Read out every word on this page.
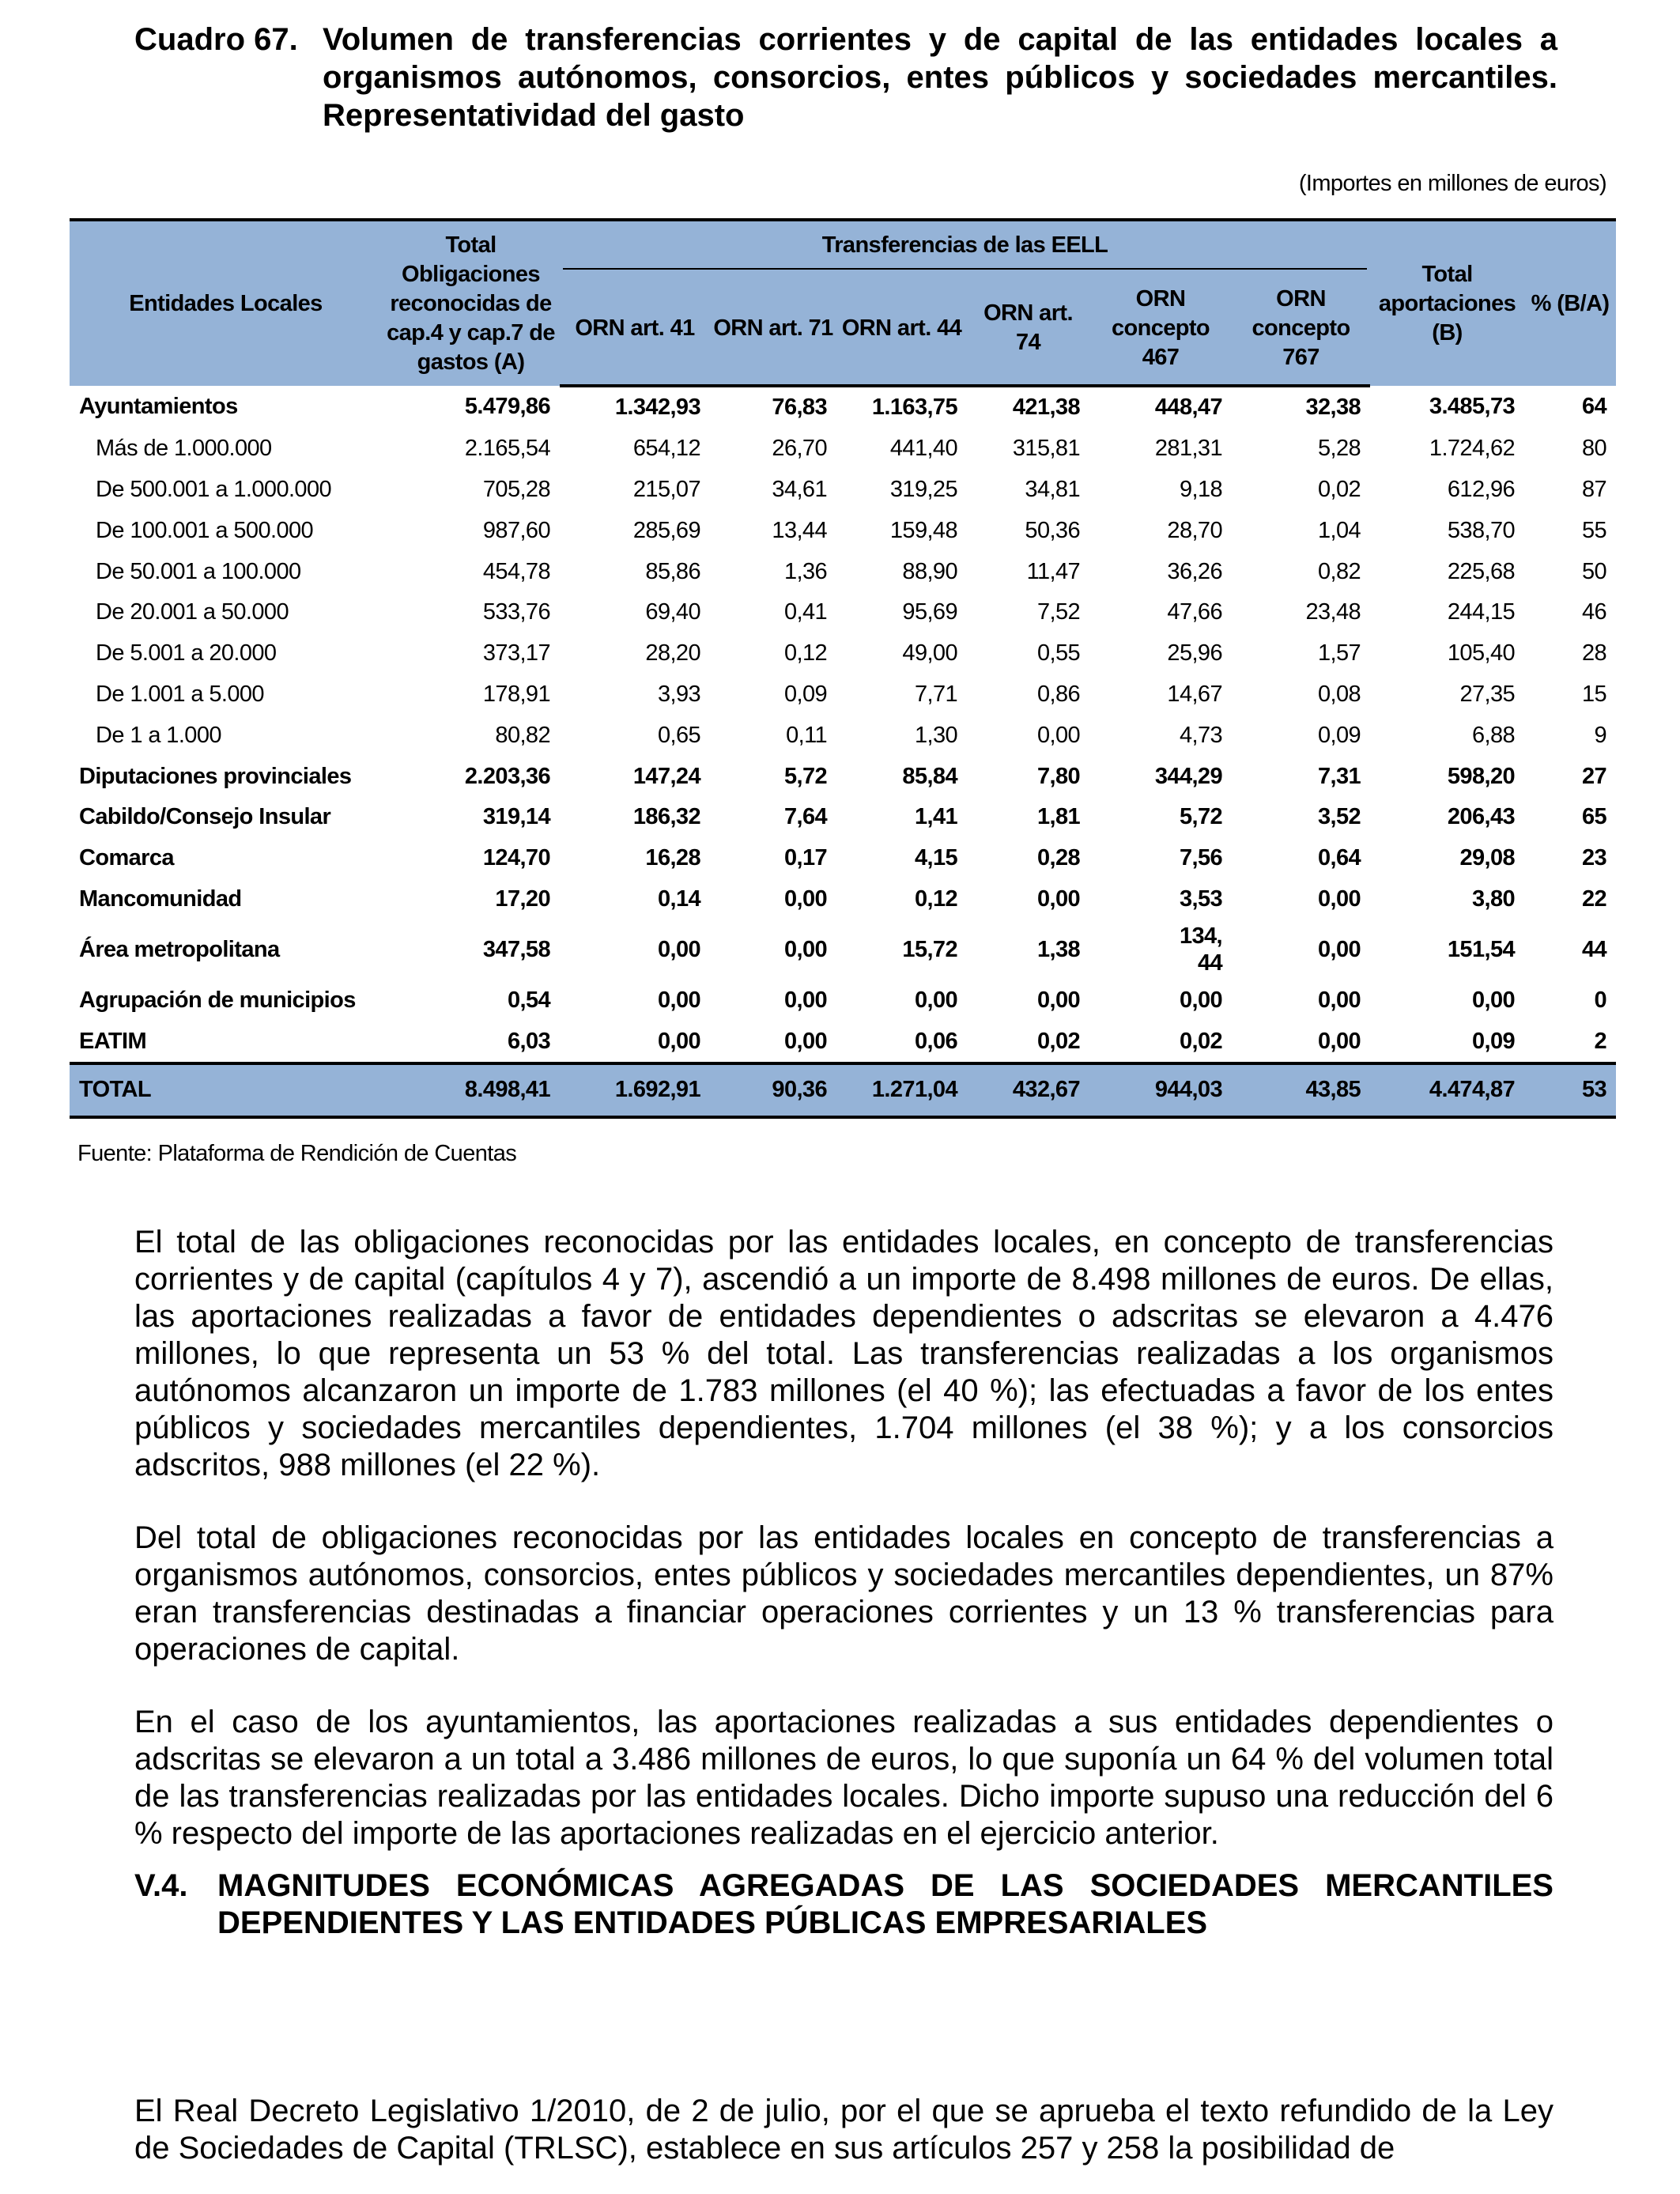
Cuadro 67. Volumen de transferencias corrientes y de capital de las entidades locales a organismos autónomos, consorcios, entes públicos y sociedades mercantiles. Representatividad del gasto
(Importes en millones de euros)
Entidades Locales	Total Obligaciones reconocidas de cap.4 y cap.7 de gastos (A)	Transferencias de las EELL						Total aportaciones (B)	% (B/A)
		ORN art. 41	ORN art. 71	ORN art. 44	ORN art. 74	ORN concepto 467	ORN concepto 767		
Ayuntamientos	5.479,86	1.342,93	76,83	1.163,75	421,38	448,47	32,38	3.485,73	64
Más de 1.000.000	2.165,54	654,12	26,70	441,40	315,81	281,31	5,28	1.724,62	80
De 500.001 a 1.000.000	705,28	215,07	34,61	319,25	34,81	9,18	0,02	612,96	87
De 100.001 a 500.000	987,60	285,69	13,44	159,48	50,36	28,70	1,04	538,70	55
De 50.001 a 100.000	454,78	85,86	1,36	88,90	11,47	36,26	0,82	225,68	50
De 20.001 a 50.000	533,76	69,40	0,41	95,69	7,52	47,66	23,48	244,15	46
De 5.001 a 20.000	373,17	28,20	0,12	49,00	0,55	25,96	1,57	105,40	28
De 1.001 a 5.000	178,91	3,93	0,09	7,71	0,86	14,67	0,08	27,35	15
De 1 a 1.000	80,82	0,65	0,11	1,30	0,00	4,73	0,09	6,88	9
Diputaciones provinciales	2.203,36	147,24	5,72	85,84	7,80	344,29	7,31	598,20	27
Cabildo/Consejo Insular	319,14	186,32	7,64	1,41	1,81	5,72	3,52	206,43	65
Comarca	124,70	16,28	0,17	4,15	0,28	7,56	0,64	29,08	23
Mancomunidad	17,20	0,14	0,00	0,12	0,00	3,53	0,00	3,80	22
Área metropolitana	347,58	0,00	0,00	15,72	1,38	134, 44	0,00	151,54	44
Agrupación de municipios	0,54	0,00	0,00	0,00	0,00	0,00	0,00	0,00	0
EATIM	6,03	0,00	0,00	0,06	0,02	0,02	0,00	0,09	2
TOTAL	8.498,41	1.692,91	90,36	1.271,04	432,67	944,03	43,85	4.474,87	53
Fuente: Plataforma de Rendición de Cuentas
El total de las obligaciones reconocidas por las entidades locales, en concepto de transferencias corrientes y de capital (capítulos 4 y 7), ascendió a un importe de 8.498 millones de euros. De ellas, las aportaciones realizadas a favor de entidades dependientes o adscritas se elevaron a 4.476 millones, lo que representa un 53 % del total. Las transferencias realizadas a los organismos autónomos alcanzaron un importe de 1.783 millones (el 40 %); las efectuadas a favor de los entes públicos y sociedades mercantiles dependientes, 1.704 millones (el 38 %); y a los consorcios adscritos, 988 millones (el 22 %).
Del total de obligaciones reconocidas por las entidades locales en concepto de transferencias a organismos autónomos, consorcios, entes públicos y sociedades mercantiles dependientes, un 87% eran transferencias destinadas a financiar operaciones corrientes y un 13 % transferencias para operaciones de capital.
En el caso de los ayuntamientos, las aportaciones realizadas a sus entidades dependientes o adscritas se elevaron a un total a 3.486 millones de euros, lo que suponía un 64 % del volumen total de las transferencias realizadas por las entidades locales. Dicho importe supuso una reducción del 6 % respecto del importe de las aportaciones realizadas en el ejercicio anterior.
V.4. MAGNITUDES ECONÓMICAS AGREGADAS DE LAS SOCIEDADES MERCANTILES DEPENDIENTES Y LAS ENTIDADES PÚBLICAS EMPRESARIALES
El Real Decreto Legislativo 1/2010, de 2 de julio, por el que se aprueba el texto refundido de la Ley de Sociedades de Capital (TRLSC), establece en sus artículos 257 y 258 la posibilidad de
